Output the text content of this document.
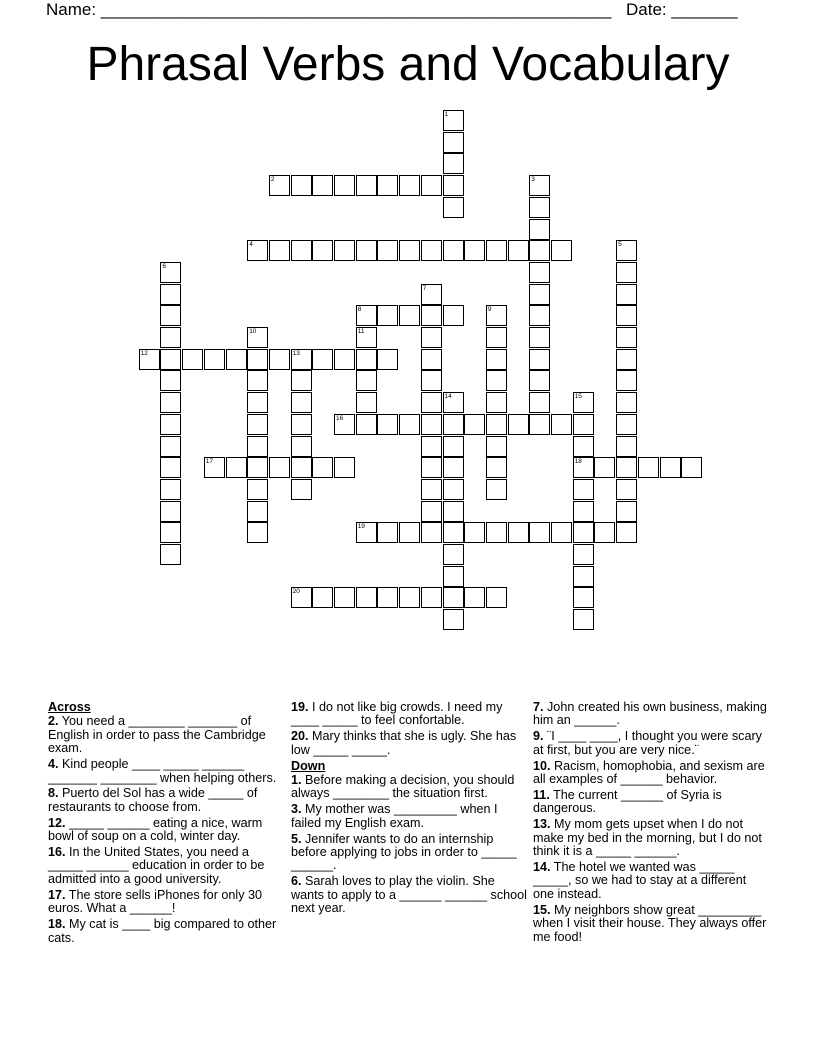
Name: ______________________________________________________ Date: _______
Phrasal Verbs and Vocabulary
1
2	3
4	5
6
7
8	9
10	11
12	13
14	15
18
16
17
19
20
Across
2. You need a ________ _______ of English in order to pass the Cambridge exam.
4. Kind people ____ _____ ______ _______ ________ when helping others.
8. Puerto del Sol has a wide _____ of restaurants to choose from.
12. _____ ______ eating a nice, warm bowl of soup on a cold, winter day.
16. In the United States, you need a _____ ______ education in order to be admitted into a good university.
17. The store sells iPhones for only 30 euros. What a ______!
18. My cat is ____ big compared to other cats.
19. I do not like big crowds. I need my ____ _____ to feel confortable.
20. Mary thinks that she is ugly. She has low _____ _____.
Down
1. Before making a decision, you should always ________ the situation first.
3. My mother was _________ when I failed my English exam.
5. Jennifer wants to do an internship before applying to jobs in order to _____ ______.
6. Sarah loves to play the violin. She wants to apply to a ______ ______ school next year.
7. John created his own business, making him an ______.
9. ¨I ____ ____, I thought you were scary at first, but you are very nice.¨
10. Racism, homophobia, and sexism are all examples of ______ behavior.
11. The current ______ of Syria is dangerous.
13. My mom gets upset when I do not make my bed in the morning, but I do not think it is a _____ ______.
14. The hotel we wanted was _____ _____, so we had to stay at a different one instead.
15. My neighbors show great _________ when I visit their house. They always offer me food!
